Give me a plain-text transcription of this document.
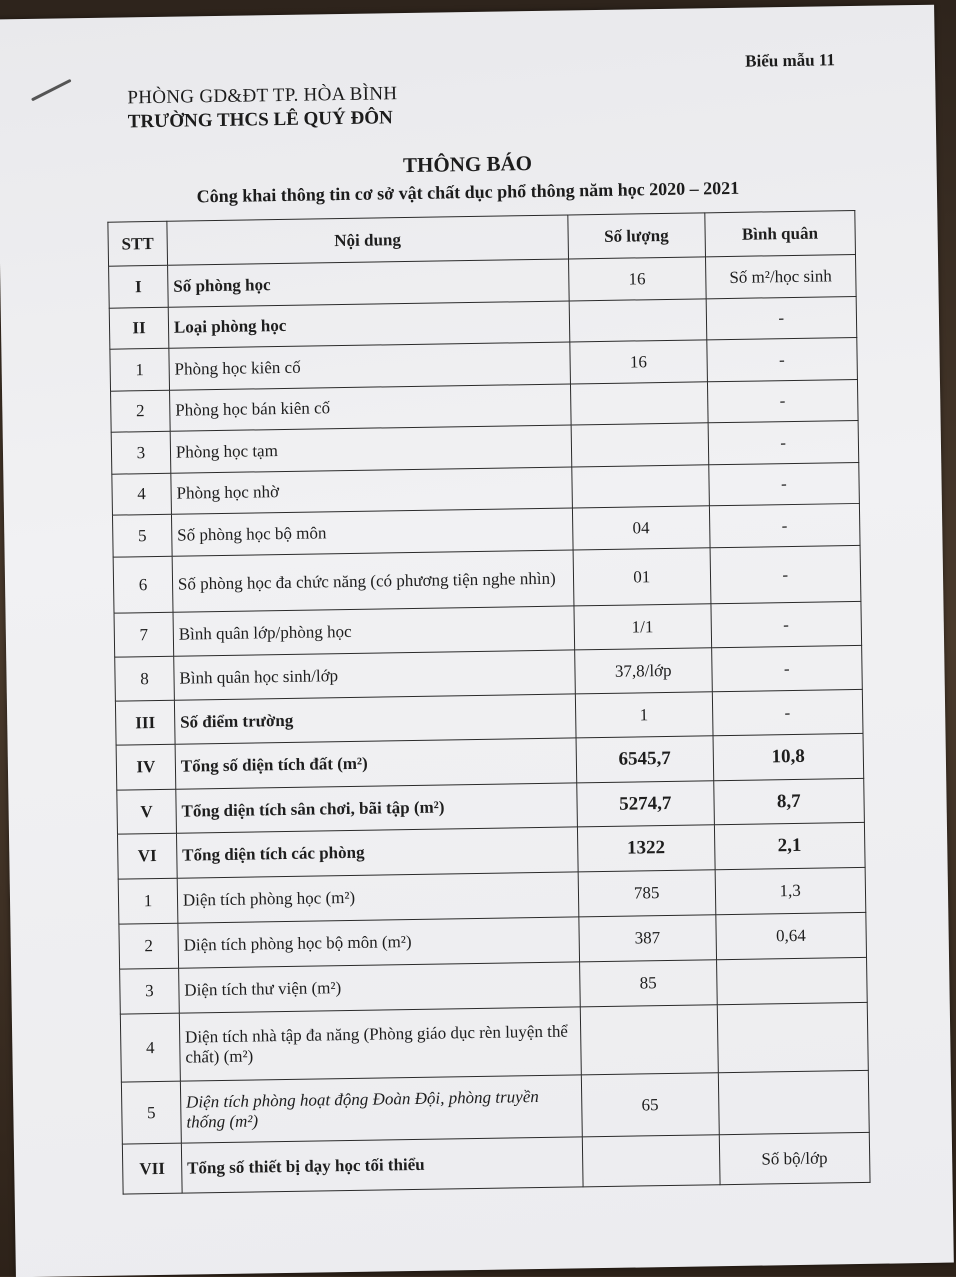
PHÒNG GD&ĐT TP. HÒA BÌNH
TRƯỜNG THCS LÊ QUÝ ĐÔN
Biểu mẫu 11
THÔNG BÁO
Công khai thông tin cơ sở vật chất dục phổ thông năm học 2020 – 2021
STT	Nội dung	Số lượng	Bình quân
I	Số phòng học	16	Số m²/học sinh
II	Loại phòng học		-
1	Phòng học kiên cố	16	-
2	Phòng học bán kiên cố		-
3	Phòng học tạm		-
4	Phòng học nhờ		-
5	Số phòng học bộ môn	04	-
6	Số phòng học đa chức năng (có phương tiện nghe nhìn)	01	-
7	Bình quân lớp/phòng học	1/1	-
8	Bình quân học sinh/lớp	37,8/lớp	-
III	Số điểm trường	1	-
IV	Tổng số diện tích đất (m²)	6545,7	10,8
V	Tổng diện tích sân chơi, bãi tập (m²)	5274,7	8,7
VI	Tổng diện tích các phòng	1322	2,1
1	Diện tích phòng học (m²)	785	1,3
2	Diện tích phòng học bộ môn (m²)	387	0,64
3	Diện tích thư viện (m²)	85	
4	Diện tích nhà tập đa năng (Phòng giáo dục rèn luyện thể chất) (m²)		
5	Diện tích phòng hoạt động Đoàn Đội, phòng truyền thống (m²)	65	
VII	Tổng số thiết bị dạy học tối thiểu		Số bộ/lớp
